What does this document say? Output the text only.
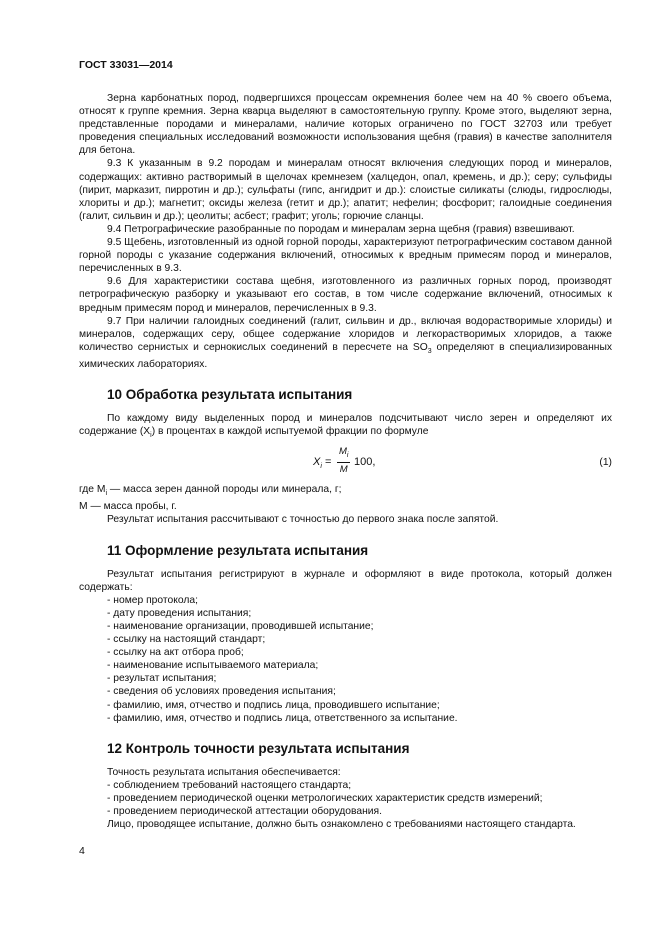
ГОСТ 33031—2014

Зерна карбонатных пород, подвергшихся процессам окремнения более чем на 40 % своего объема, относят к группе кремния. Зерна кварца выделяют в самостоятельную группу. Кроме этого, выделяют зерна, представленные породами и минералами, наличие которых ограничено по ГОСТ 32703 или требует проведения специальных исследований возможности использования щебня (гравия) в качестве заполнителя для бетона.

9.3 К указанным в 9.2 породам и минералам относят включения следующих пород и минералов, содержащих: активно растворимый в щелочах кремнезем (халцедон, опал, кремень, и др.); серу; сульфиды (пирит, марказит, пирротин и др.); сульфаты (гипс, ангидрит и др.): слоистые силикаты (слюды, гидрослюды, хлориты и др.); магнетит; оксиды железа (гетит и др.); апатит; нефелин; фосфорит; галоидные соединения (галит, сильвин и др.); цеолиты; асбест; графит; уголь; горючие сланцы.

9.4 Петрографические разобранные по породам и минералам зерна щебня (гравия) взвешивают.

9.5 Щебень, изготовленный из одной горной породы, характеризуют петрографическим составом данной горной породы с указание содержания включений, относимых к вредным примесям пород и минералов, перечисленных в 9.3.

9.6 Для характеристики состава щебня, изготовленного из различных горных пород, производят петрографическую разборку и указывают его состав, в том числе содержание включений, относимых к вредным примесям пород и минералов, перечисленных в 9.3.

9.7 При наличии галоидных соединений (галит, сильвин и др., включая водорастворимые хлориды) и минералов, содержащих серу, общее содержание хлоридов и легкорастворимых хлоридов, а также количество сернистых и сернокислых соединений в пересчете на $SO_3$ определяют в специализированных химических лабораториях.

10 Обработка результата испытания

По каждому виду выделенных пород и минералов подсчитывают число зерен и определяют их содержание $(X_i)$ в процентах в каждой испытуемой фракции по формуле

$X_i = \frac{M_i}{M} 100$,	(1)

где $M_i$ — масса зерен данной породы или минерала, г;

M — масса пробы, г.

Результат испытания рассчитывают с точностью до первого знака после запятой.

11 Оформление результата испытания

Результат испытания регистрируют в журнале и оформляют в виде протокола, который должен содержать:

- номер протокола;

- дату проведения испытания;

- наименование организации, проводившей испытание;

- ссылку на настоящий стандарт;

- ссылку на акт отбора проб;

- наименование испытываемого материала;

- результат испытания;

- сведения об условиях проведения испытания;

- фамилию, имя, отчество и подпись лица, проводившего испытание;

- фамилию, имя, отчество и подпись лица, ответственного за испытание.

12 Контроль точности результата испытания

Точность результата испытания обеспечивается:

- соблюдением требований настоящего стандарта;

- проведением периодической оценки метрологических характеристик средств измерений;

- проведением периодической аттестации оборудования.

Лицо, проводящее испытание, должно быть ознакомлено с требованиями настоящего стандарта.

4
